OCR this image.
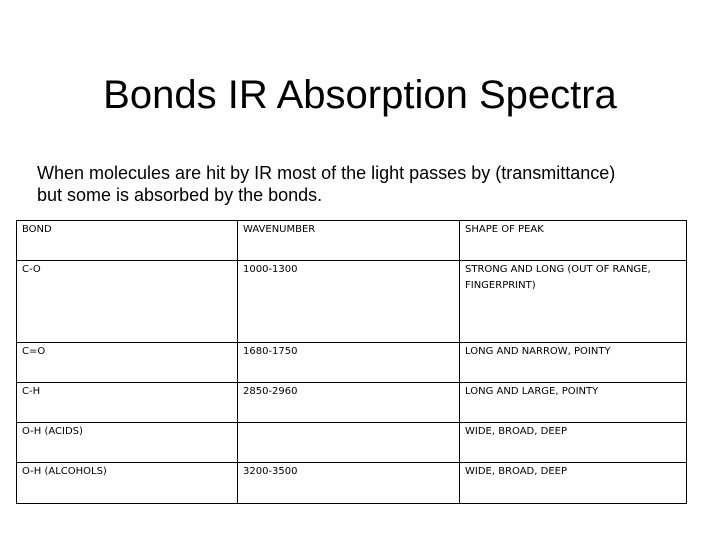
Bonds IR Absorption Spectra

When molecules are hit by IR most of the light passes by (transmittance)
but some is absorbed by the bonds.

BOND	WAVENUMBER	SHAPE OF PEAK
C-O	1000-1300	STRONG AND LONG (OUT OF RANGE,
FINGERPRINT)
C=O	1680-1750	LONG AND NARROW, POINTY
C-H	2850-2960	LONG AND LARGE, POINTY
O-H (ACIDS)		WIDE, BROAD, DEEP
O-H (ALCOHOLS)	3200-3500	WIDE, BROAD, DEEP
